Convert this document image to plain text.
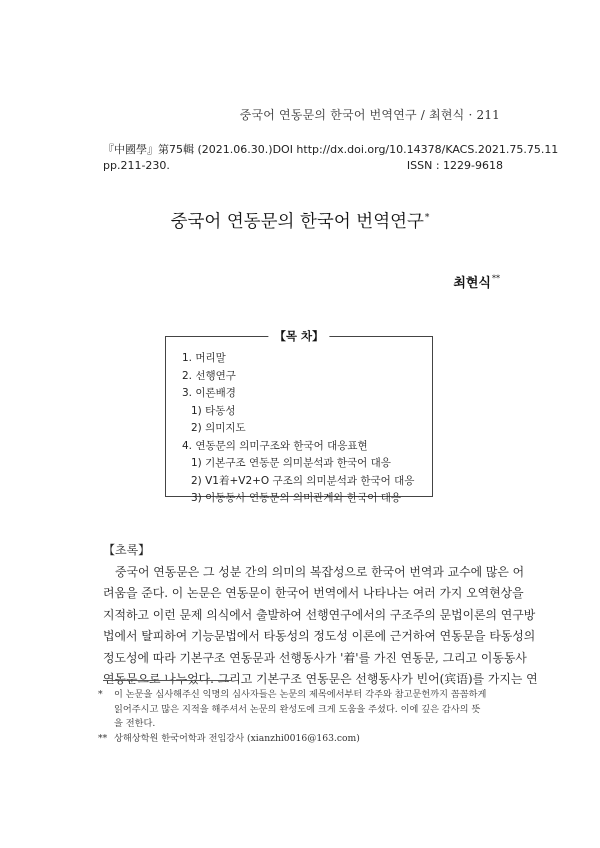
중국어 연동문의 한국어 번역연구 / 최현식 · 211
『中國學』第75輯 (2021.06.30.) DOI http://dx.doi.org/10.14378/KACS.2021.75.75.11
pp.211-230.	ISSN : 1229-9618
중국어 연동문의 한국어 번역연구*
최현식**
【목 차】
1. 머리말
2. 선행연구
3. 이론배경
1) 타동성
2) 의미지도
4. 연동문의 의미구조와 한국어 대응표현
1) 기본구조 연동문 의미분석과 한국어 대응
2) V1着+V2+O 구조의 의미분석과 한국어 대응
3) 이동동사 연동문의 의미관계와 한국어 대응
【초록】
중국어 연동문은 그 성분 간의 의미의 복잡성으로 한국어 번역과 교수에 많은 어
려움을 준다. 이 논문은 연동문이 한국어 번역에서 나타나는 여러 가지 오역현상을
지적하고 이런 문제 의식에서 출발하여 선행연구에서의 구조주의 문법이론의 연구방
법에서 탈피하여 기능문법에서 타동성의 정도성 이론에 근거하여 연동문을 타동성의
정도성에 따라 기본구조 연동문과 선행동사가 '着'를 가진 연동문, 그리고 이동동사
연동문으로 나누었다. 그리고 기본구조 연동문은 선행동사가 빈어(宾语)를 가지는 연
*	이 논문을 심사해주신 익명의 심사자들은 논문의 제목에서부터 각주와 참고문헌까지 꼼꼼하게
읽어주시고 많은 지적을 해주셔서 논문의 완성도에 크게 도움을 주셨다. 이에 깊은 감사의 뜻
을 전한다.
** 상해상학원 한국어학과 전임강사 (xianzhi0016@163.com)
